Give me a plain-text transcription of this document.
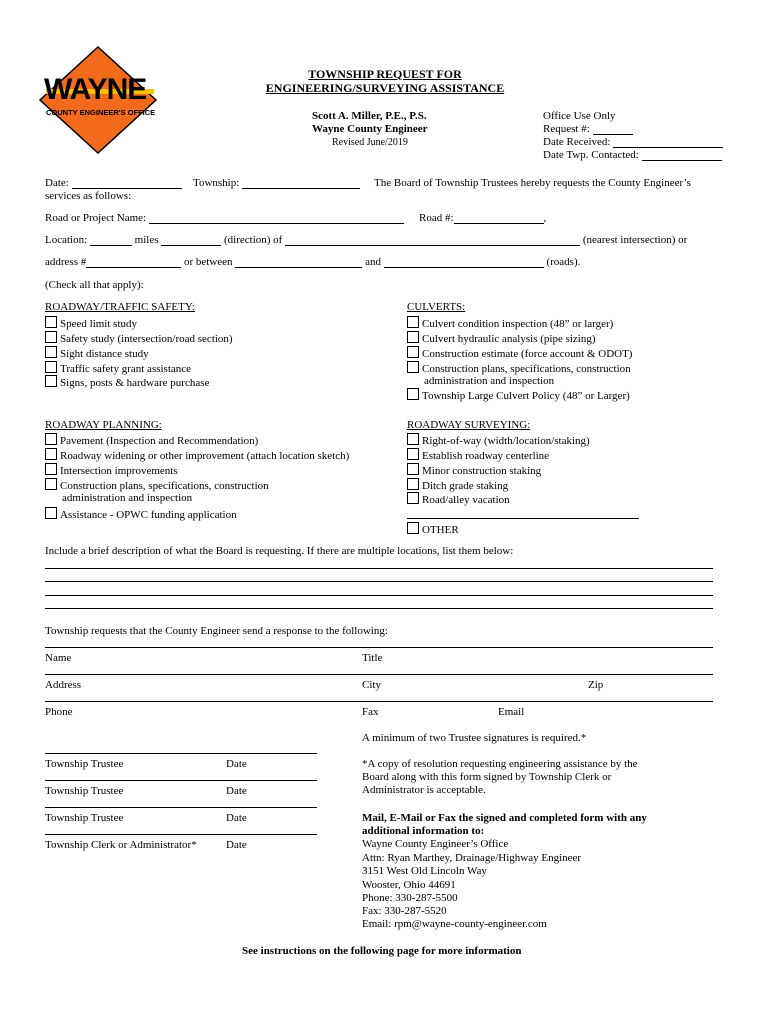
WAYNE
COUNTY ENGINEER'S OFFICE
TOWNSHIP REQUEST FOR
ENGINEERING/SURVEYING ASSISTANCE
Scott A. Miller, P.E., P.S.
Wayne County Engineer
Revised June/2019
Office Use Only
Request #:
Date Received:
Date Twp. Contacted:
Date:	Township:	The Board of Township Trustees hereby requests the County Engineer’s
services as follows:
Road or Project Name:	Road #:	,
Location:	miles	(direction) of	(nearest intersection) or
address #	or between	and	(roads).
(Check all that apply):
ROADWAY/TRAFFIC SAFETY:
Speed limit study
Safety study (intersection/road section)
Sight distance study
Traffic safety grant assistance
Signs, posts & hardware purchase
CULVERTS:
Culvert condition inspection (48” or larger)
Culvert hydraulic analysis (pipe sizing)
Construction estimate (force account & ODOT)
Construction plans, specifications, construction
administration and inspection
Township Large Culvert Policy (48” or Larger)
ROADWAY PLANNING:
Pavement (Inspection and Recommendation)
Roadway widening or other improvement (attach location sketch)
Intersection improvements
Construction plans, specifications, construction
administration and inspection
Assistance - OPWC funding application
ROADWAY SURVEYING:
Right-of-way (width/location/staking)
Establish roadway centerline
Minor construction staking
Ditch grade staking
Road/alley vacation
OTHER
Include a brief description of what the Board is requesting. If there are multiple locations, list them below:
Township requests that the County Engineer send a response to the following:
Name	Title
Address	City	Zip
Phone	Fax	Email
A minimum of two Trustee signatures is required.*
Township Trustee	Date
Township Trustee	Date
Township Trustee	Date
Township Clerk or Administrator*	Date
*A copy of resolution requesting engineering assistance by the
Board along with this form signed by Township Clerk or
Administrator is acceptable.
Mail, E-Mail or Fax the signed and completed form with any
additional information to:
Wayne County Engineer’s Office
Attn: Ryan Marthey, Drainage/Highway Engineer
3151 West Old Lincoln Way
Wooster, Ohio 44691
Phone: 330-287-5500
Fax: 330-287-5520
Email: rpm@wayne-county-engineer.com
See instructions on the following page for more information
